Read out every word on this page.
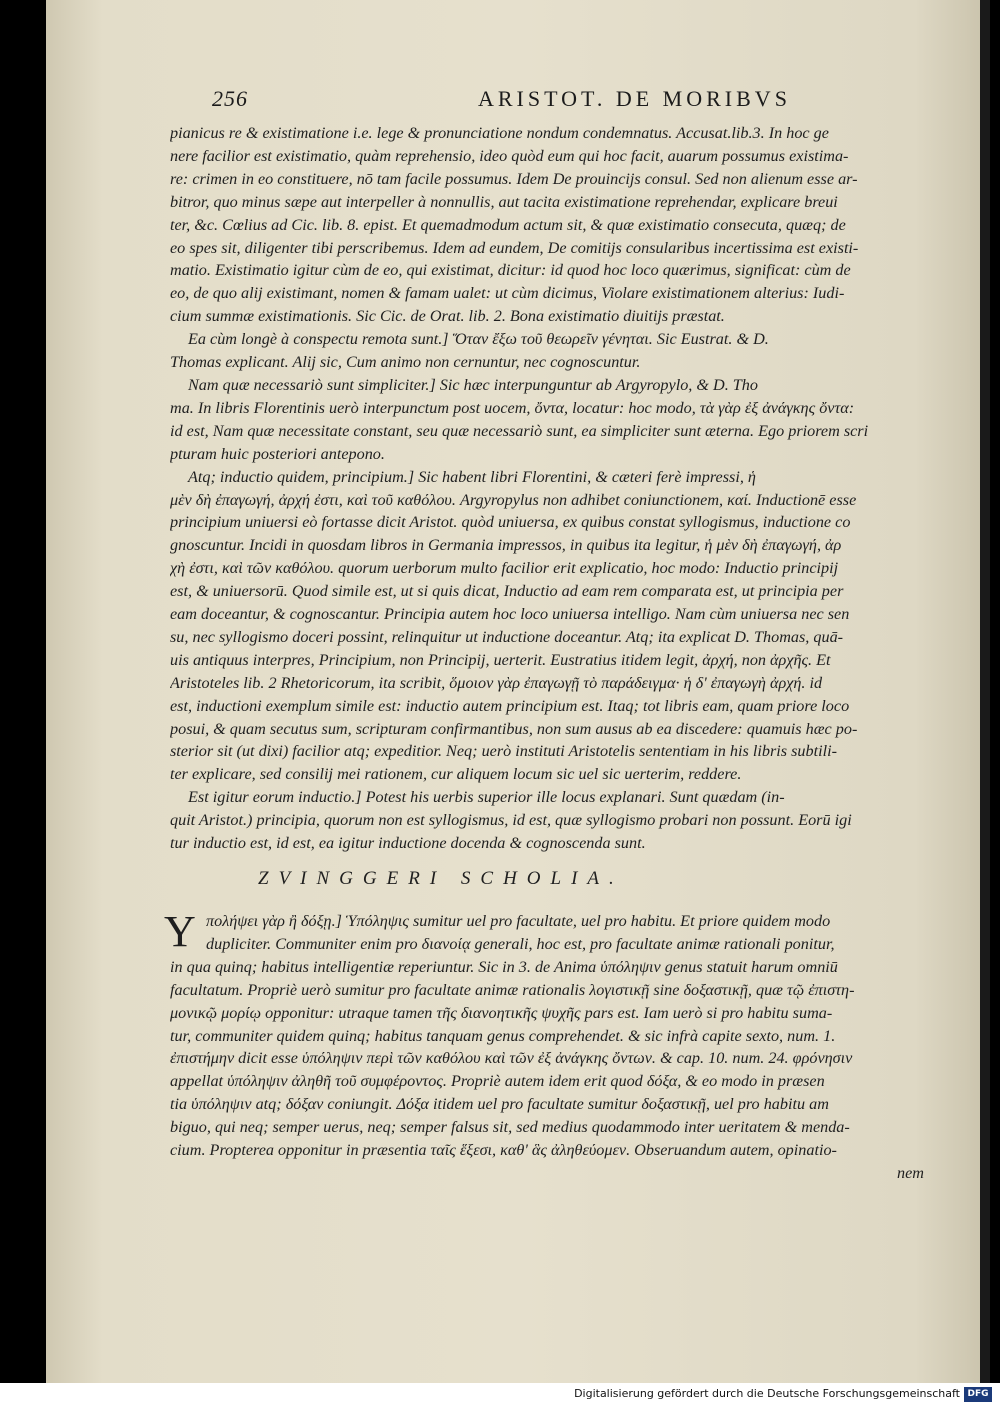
256	ARISTOT. DE MORIBVS
pianicus re & existimatione i.e. lege & pronunciatione nondum condemnatus. Accusat.lib.3. In hoc ge
nere facilior est existimatio, quàm reprehensio, ideo quòd eum qui hoc facit, auarum possumus existima-
re: crimen in eo constituere, nō tam facile possumus. Idem De prouincijs consul. Sed non alienum esse ar-
bitror, quo minus sæpe aut interpeller à nonnullis, aut tacita existimatione reprehendar, explicare breui
ter, &c. Cœlius ad Cic. lib. 8. epist. Et quemadmodum actum sit, & quæ existimatio consecuta, quæq; de
eo spes sit, diligenter tibi perscribemus. Idem ad eundem, De comitijs consularibus incertissima est existi-
matio. Existimatio igitur cùm de eo, qui existimat, dicitur: id quod hoc loco quærimus, significat: cùm de
eo, de quo alij existimant, nomen & famam ualet: ut cùm dicimus, Violare existimationem alterius: Iudi-
cium summæ existimationis. Sic Cic. de Orat. lib. 2. Bona existimatio diuitijs præstat.
Ea cùm longè à conspectu remota sunt.] Ὅταν ἔξω τοῦ θεωρεῖν γένηται. Sic Eustrat. & D.
Thomas explicant. Alij sic, Cum animo non cernuntur, nec cognoscuntur.
Nam quæ necessariò sunt simpliciter.] Sic hæc interpunguntur ab Argyropylo, & D. Tho
ma. In libris Florentinis uerò interpunctum post uocem, ὄντα, locatur: hoc modo, τὰ γὰρ ἐξ ἀνάγκης ὄντα:
id est, Nam quæ necessitate constant, seu quæ necessariò sunt, ea simpliciter sunt æterna. Ego priorem scri
pturam huic posteriori antepono.
Atq; inductio quidem, principium.] Sic habent libri Florentini, & cæteri ferè impressi, ἡ
μὲν δὴ ἐπαγωγή, ἀρχή ἐστι, καὶ τοῦ καθόλου. Argyropylus non adhibet coniunctionem, καί. Inductionē esse
principium uniuersi eò fortasse dicit Aristot. quòd uniuersa, ex quibus constat syllogismus, inductione co
gnoscuntur. Incidi in quosdam libros in Germania impressos, in quibus ita legitur, ἡ μὲν δὴ ἐπαγωγή, ἀρ
χὴ ἐστι, καὶ τῶν καθόλου. quorum uerborum multo facilior erit explicatio, hoc modo: Inductio principij
est, & uniuersorū. Quod simile est, ut si quis dicat, Inductio ad eam rem comparata est, ut principia per
eam doceantur, & cognoscantur. Principia autem hoc loco uniuersa intelligo. Nam cùm uniuersa nec sen
su, nec syllogismo doceri possint, relinquitur ut inductione doceantur. Atq; ita explicat D. Thomas, quā-
uis antiquus interpres, Principium, non Principij, uerterit. Eustratius itidem legit, ἀρχή, non ἀρχῆς. Et
Aristoteles lib. 2 Rhetoricorum, ita scribit, ὅμοιον γὰρ ἐπαγωγῇ τὸ παράδειγμα· ἡ δ' ἐπαγωγὴ ἀρχή. id
est, inductioni exemplum simile est: inductio autem principium est. Itaq; tot libris eam, quam priore loco
posui, & quam secutus sum, scripturam confirmantibus, non sum ausus ab ea discedere: quamuis hæc po-
sterior sit (ut dixi) facilior atq; expeditior. Neq; uerò instituti Aristotelis sententiam in his libris subtili-
ter explicare, sed consilij mei rationem, cur aliquem locum sic uel sic uerterim, reddere.
Est igitur eorum inductio.] Potest his uerbis superior ille locus explanari. Sunt quædam (in-
quit Aristot.) principia, quorum non est syllogismus, id est, quæ syllogismo probari non possunt. Eorū igi
tur inductio est, id est, ea igitur inductione docenda & cognoscenda sunt.
ZVINGGERI SCHOLIA.
Y πολήψει γὰρ ἢ δόξῃ.] Ὑπόληψις sumitur uel pro facultate, uel pro habitu. Et priore quidem modo
dupliciter. Communiter enim pro διανοίᾳ generali, hoc est, pro facultate animæ rationali ponitur,
in qua quinq; habitus intelligentiæ reperiuntur. Sic in 3. de Anima ὑπόληψιν genus statuit harum omniū
facultatum. Propriè uerò sumitur pro facultate animæ rationalis λογιστικῇ sine δοξαστικῇ, quæ τῷ ἐπιστη-
μονικῷ μορίῳ opponitur: utraque tamen τῆς διανοητικῆς ψυχῆς pars est. Iam uerò si pro habitu suma-
tur, communiter quidem quinq; habitus tanquam genus comprehendet. & sic infrà capite sexto, num. 1.
ἐπιστήμην dicit esse ὑπόληψιν περὶ τῶν καθόλου καὶ τῶν ἐξ ἀνάγκης ὄντων. & cap. 10. num. 24. φρόνησιν
appellat ὑπόληψιν ἀληθῆ τοῦ συμφέροντος. Propriè autem idem erit quod δόξα, & eo modo in præsen
tia ὑπόληψιν atq; δόξαν coniungit. Δόξα itidem uel pro facultate sumitur δοξαστικῇ, uel pro habitu am
biguo, qui neq; semper uerus, neq; semper falsus sit, sed medius quodammodo inter ueritatem & menda-
cium. Propterea opponitur in præsentia ταῖς ἕξεσι, καθ' ἃς ἀληθεύομεν. Obseruandum autem, opinatio-
nem
Digitalisierung gefördert durch die Deutsche Forschungsgemeinschaft DFG
